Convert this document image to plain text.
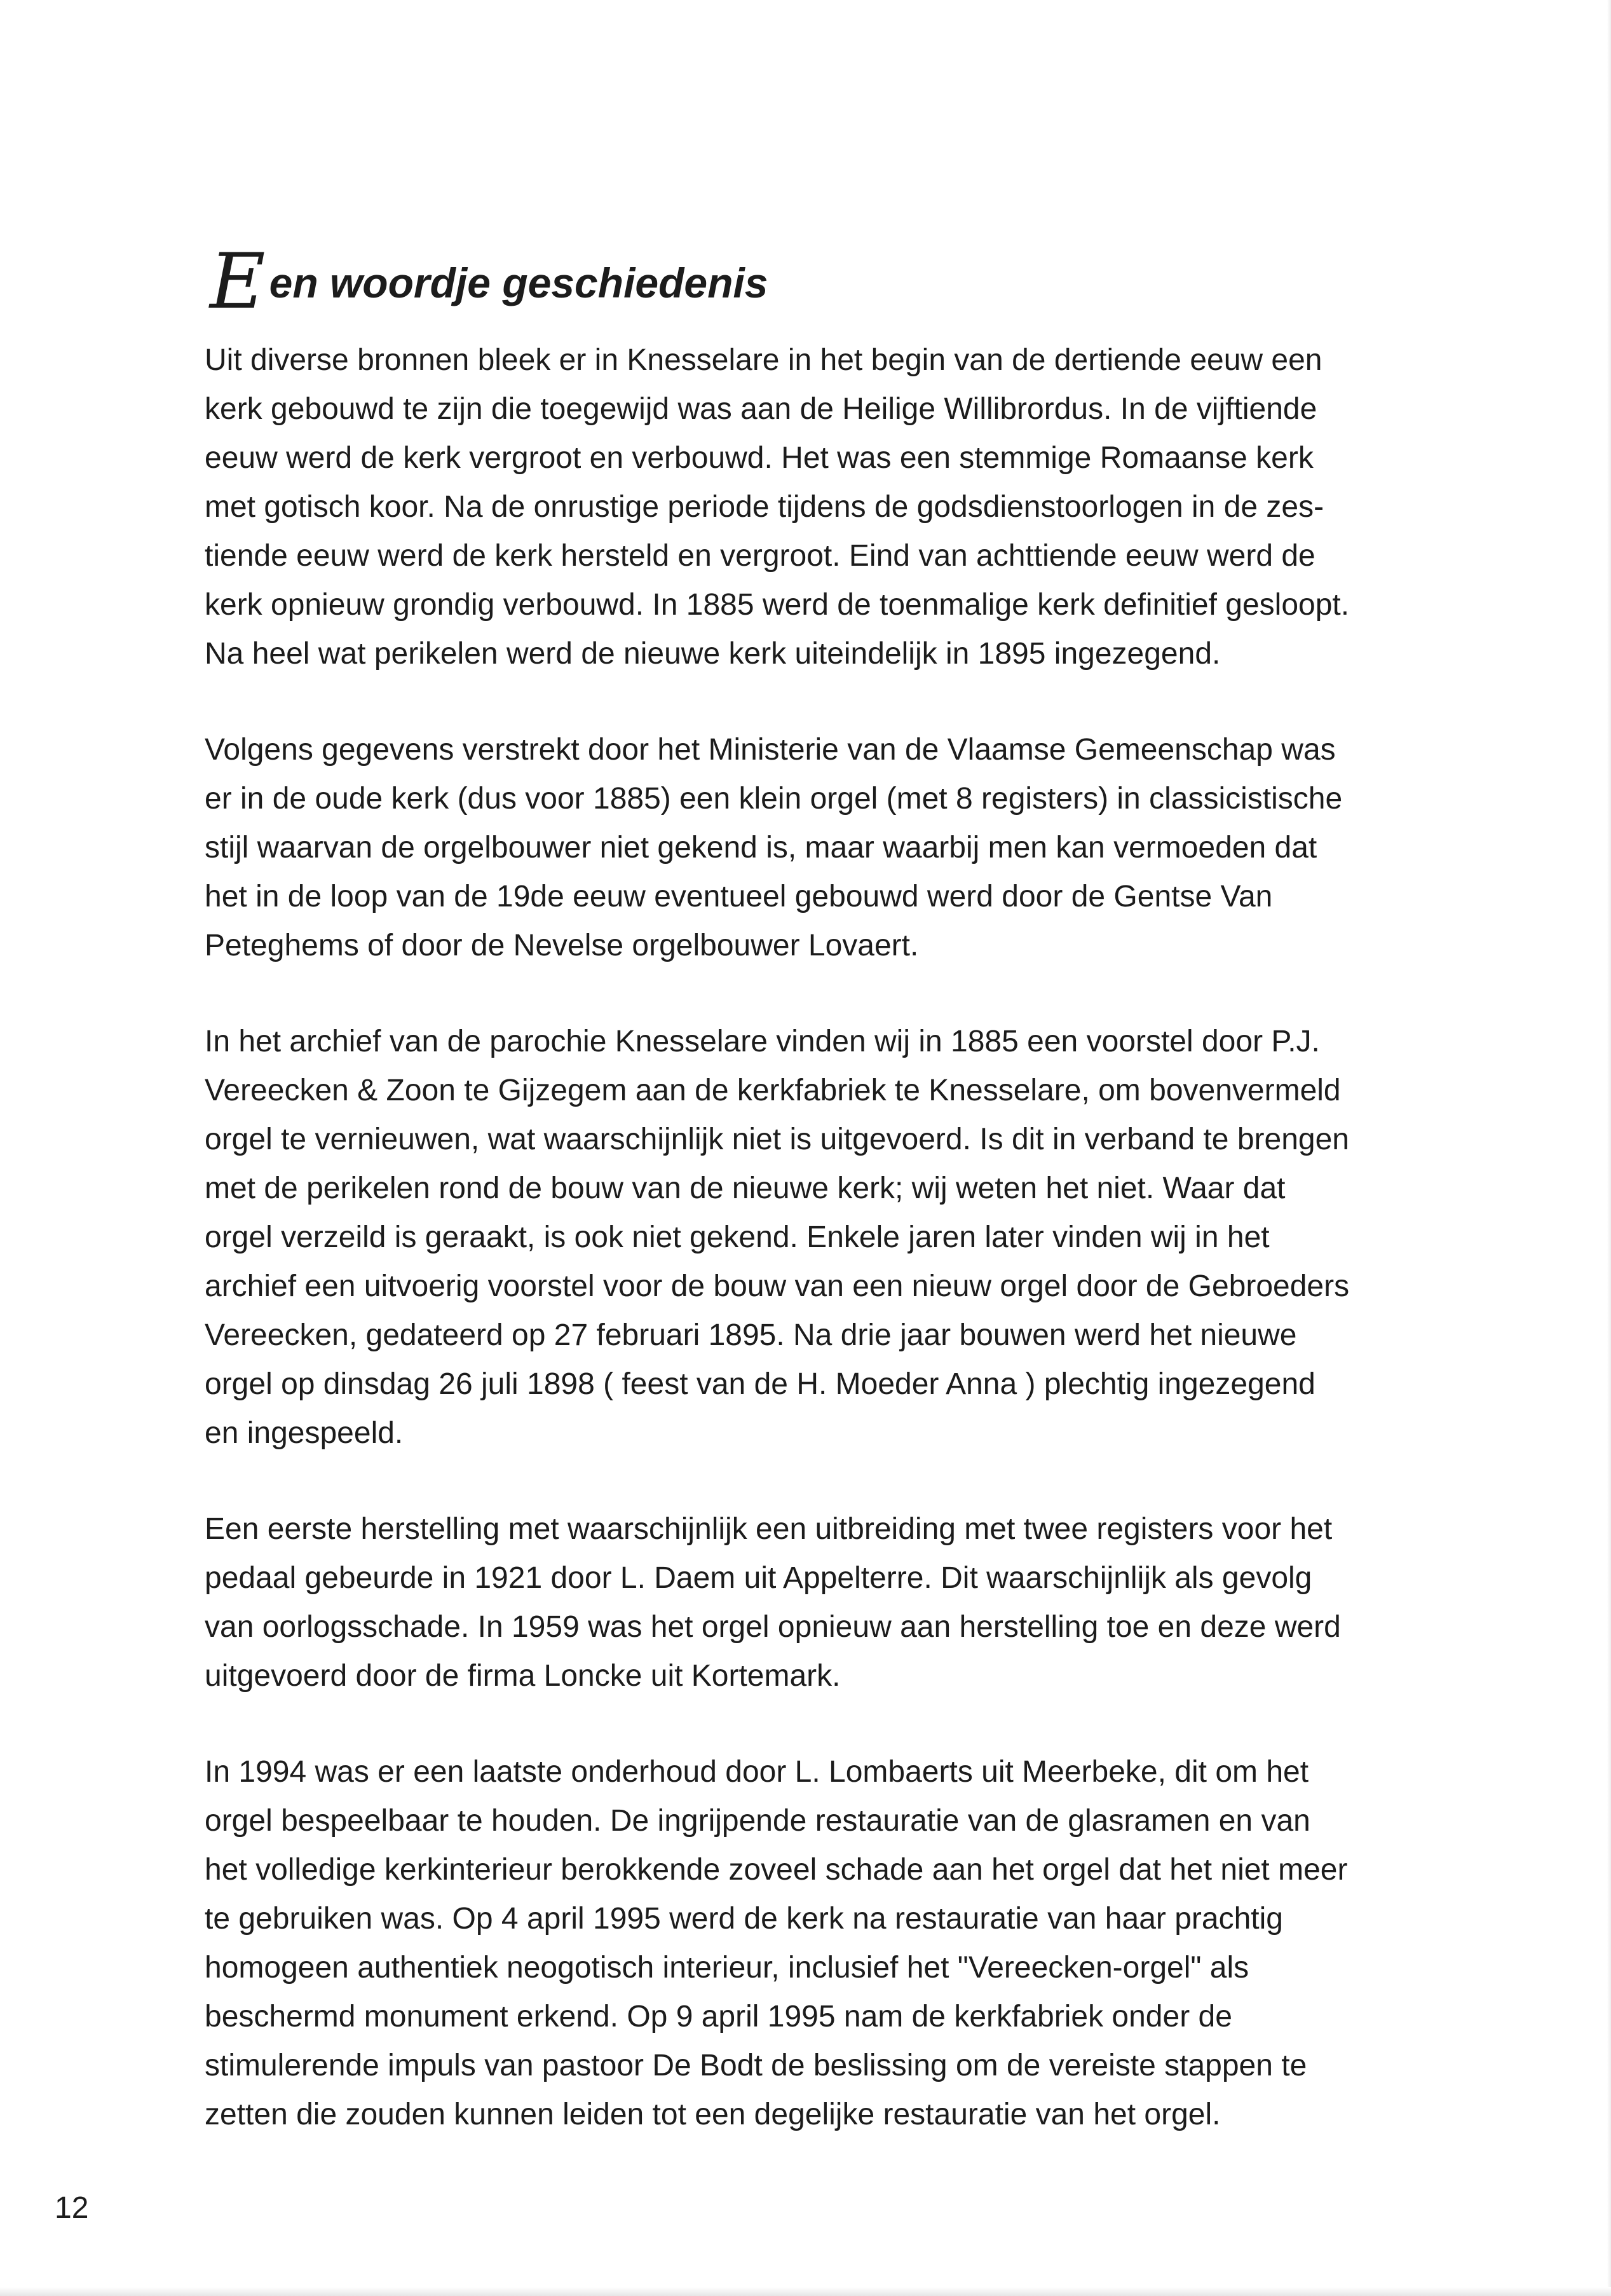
E en woordje geschiedenis
Uit diverse bronnen bleek er in Knesselare in het begin van de dertiende eeuw een
kerk gebouwd te zijn die toegewijd was aan de Heilige Willibrordus. In de vijftiende
eeuw werd de kerk vergroot en verbouwd. Het was een stemmige Romaanse kerk
met gotisch koor. Na de onrustige periode tijdens de godsdienstoorlogen in de zes-
tiende eeuw werd de kerk hersteld en vergroot. Eind van achttiende eeuw werd de
kerk opnieuw grondig verbouwd. In 1885 werd de toenmalige kerk definitief gesloopt.
Na heel wat perikelen werd de nieuwe kerk uiteindelijk in 1895 ingezegend.
Volgens gegevens verstrekt door het Ministerie van de Vlaamse Gemeenschap was
er in de oude kerk (dus voor 1885) een klein orgel (met 8 registers) in classicistische
stijl waarvan de orgelbouwer niet gekend is, maar waarbij men kan vermoeden dat
het in de loop van de 19de eeuw eventueel gebouwd werd door de Gentse Van
Peteghems of door de Nevelse orgelbouwer Lovaert.
In het archief van de parochie Knesselare vinden wij in 1885 een voorstel door P.J.
Vereecken & Zoon te Gijzegem aan de kerkfabriek te Knesselare, om bovenvermeld
orgel te vernieuwen, wat waarschijnlijk niet is uitgevoerd. Is dit in verband te brengen
met de perikelen rond de bouw van de nieuwe kerk; wij weten het niet. Waar dat
orgel verzeild is geraakt, is ook niet gekend. Enkele jaren later vinden wij in het
archief een uitvoerig voorstel voor de bouw van een nieuw orgel door de Gebroeders
Vereecken, gedateerd op 27 februari 1895. Na drie jaar bouwen werd het nieuwe
orgel op dinsdag 26 juli 1898 ( feest van de H. Moeder Anna ) plechtig ingezegend
en ingespeeld.
Een eerste herstelling met waarschijnlijk een uitbreiding met twee registers voor het
pedaal gebeurde in 1921 door L. Daem uit Appelterre. Dit waarschijnlijk als gevolg
van oorlogsschade. In 1959 was het orgel opnieuw aan herstelling toe en deze werd
uitgevoerd door de firma Loncke uit Kortemark.
In 1994 was er een laatste onderhoud door L. Lombaerts uit Meerbeke, dit om het
orgel bespeelbaar te houden. De ingrijpende restauratie van de glasramen en van
het volledige kerkinterieur berokkende zoveel schade aan het orgel dat het niet meer
te gebruiken was. Op 4 april 1995 werd de kerk na restauratie van haar prachtig
homogeen authentiek neogotisch interieur, inclusief het "Vereecken-orgel" als
beschermd monument erkend. Op 9 april 1995 nam de kerkfabriek onder de
stimulerende impuls van pastoor De Bodt de beslissing om de vereiste stappen te
zetten die zouden kunnen leiden tot een degelijke restauratie van het orgel.
12
